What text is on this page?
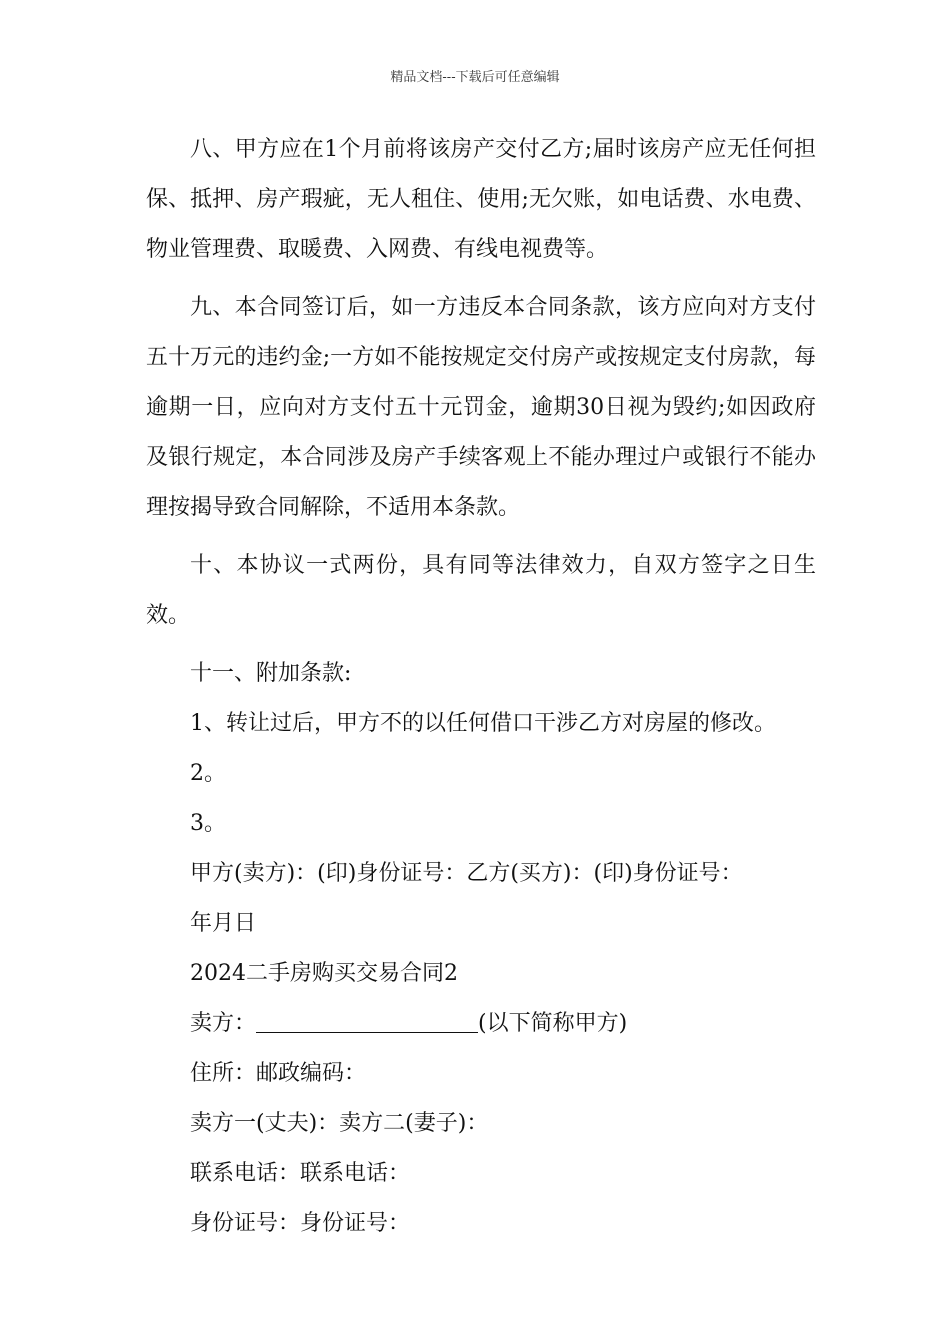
精品文档---下载后可任意编辑

八、甲方应在1个月前将该房产交付乙方;届时该房产应无任何担保、抵押、房产瑕疵，无人租住、使用;无欠账，如电话费、水电费、物业管理费、取暖费、入网费、有线电视费等。

九、本合同签订后，如一方违反本合同条款，该方应向对方支付五十万元的违约金;一方如不能按规定交付房产或按规定支付房款，每逾期一日，应向对方支付五十元罚金，逾期30日视为毁约;如因政府及银行规定，本合同涉及房产手续客观上不能办理过户或银行不能办理按揭导致合同解除，不适用本条款。

十、本协议一式两份，具有同等法律效力，自双方签字之日生效。

十一、附加条款:

1、转让过后，甲方不的以任何借口干涉乙方对房屋的修改。

2。

3。

甲方(卖方)：(印)身份证号：乙方(买方)：(印)身份证号：

年月日

2024二手房购买交易合同2

卖方：	(以下简称甲方)

住所：邮政编码：

卖方一(丈夫)：卖方二(妻子)：

联系电话：联系电话：

身份证号：身份证号：
